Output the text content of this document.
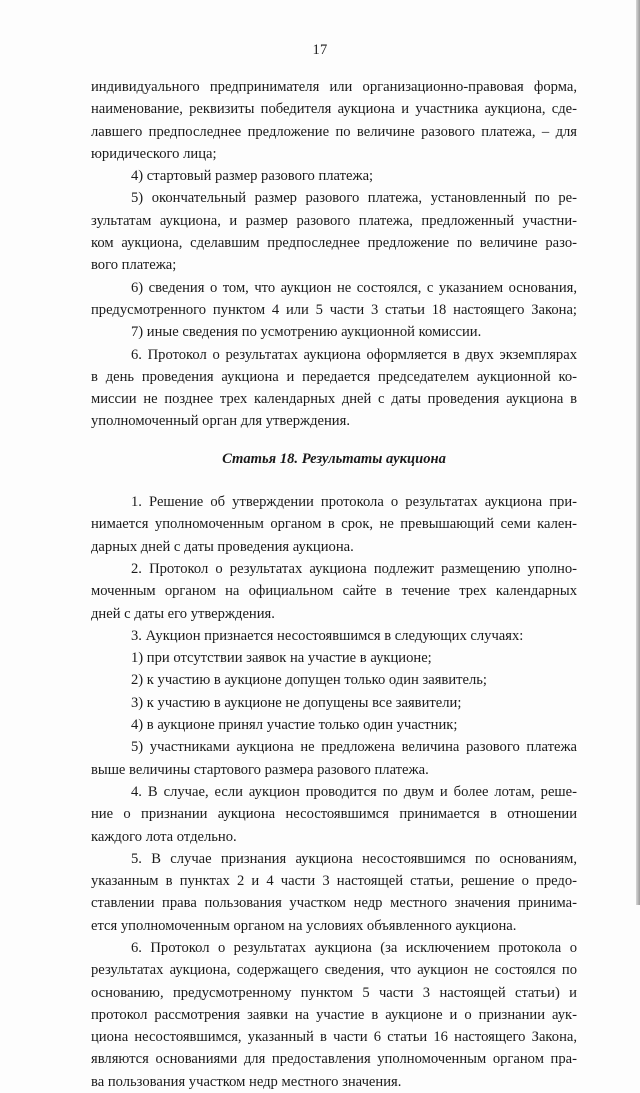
17
индивидуального предпринимателя или организационно-правовая форма,
наименование, реквизиты победителя аукциона и участника аукциона, сде-
лавшего предпоследнее предложение по величине разового платежа, – для
юридического лица;
4) стартовый размер разового платежа;
5) окончательный размер разового платежа, установленный по ре-
зультатам аукциона, и размер разового платежа, предложенный участни-
ком аукциона, сделавшим предпоследнее предложение по величине разо-
вого платежа;
6) сведения о том, что аукцион не состоялся, с указанием основания,
предусмотренного пунктом 4 или 5 части 3 статьи 18 настоящего Закона;
7) иные сведения по усмотрению аукционной комиссии.
6. Протокол о результатах аукциона оформляется в двух экземплярах
в день проведения аукциона и передается председателем аукционной ко-
миссии не позднее трех календарных дней с даты проведения аукциона в
уполномоченный орган для утверждения.
Статья 18. Результаты аукциона
1. Решение об утверждении протокола о результатах аукциона при-
нимается уполномоченным органом в срок, не превышающий семи кален-
дарных дней с даты проведения аукциона.
2. Протокол о результатах аукциона подлежит размещению уполно-
моченным органом на официальном сайте в течение трех календарных
дней с даты его утверждения.
3. Аукцион признается несостоявшимся в следующих случаях:
1) при отсутствии заявок на участие в аукционе;
2) к участию в аукционе допущен только один заявитель;
3) к участию в аукционе не допущены все заявители;
4) в аукционе принял участие только один участник;
5) участниками аукциона не предложена величина разового платежа
выше величины стартового размера разового платежа.
4. В случае, если аукцион проводится по двум и более лотам, реше-
ние о признании аукциона несостоявшимся принимается в отношении
каждого лота отдельно.
5. В случае признания аукциона несостоявшимся по основаниям,
указанным в пунктах 2 и 4 части 3 настоящей статьи, решение о предо-
ставлении права пользования участком недр местного значения принима-
ется уполномоченным органом на условиях объявленного аукциона.
6. Протокол о результатах аукциона (за исключением протокола о
результатах аукциона, содержащего сведения, что аукцион не состоялся по
основанию, предусмотренному пунктом 5 части 3 настоящей статьи) и
протокол рассмотрения заявки на участие в аукционе и о признании аук-
циона несостоявшимся, указанный в части 6 статьи 16 настоящего Закона,
являются основаниями для предоставления уполномоченным органом пра-
ва пользования участком недр местного значения.
